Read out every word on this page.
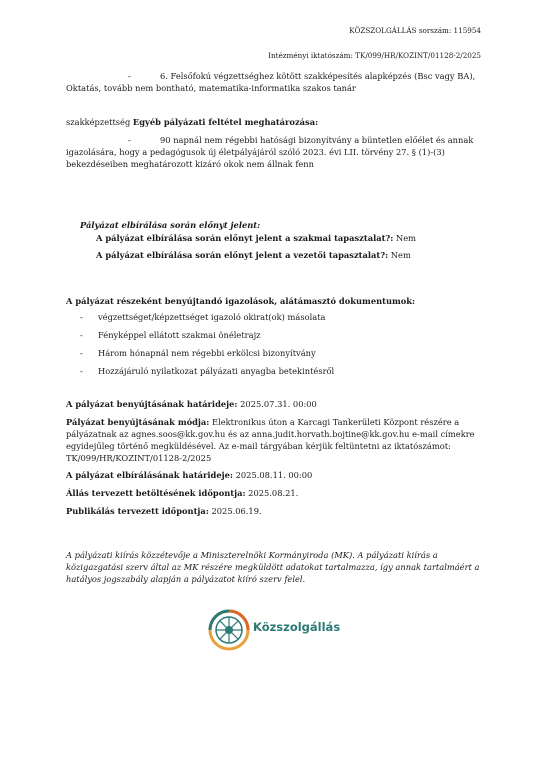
KÖZSZOLGÁLLÁS sorszám: 115954
Intézményi iktatószám: TK/099/HR/KOZINT/01128-2/2025
-	6. Felsőfokú végzettséghez kötött szakképesítés alapképzés (Bsc vagy BA),
Oktatás, tovább nem bontható, matematika-informatika szakos tanár
szakképzettség Egyéb pályázati feltétel meghatározása:
-	90 napnál nem régebbi hatósági bizonyítvány a büntetlen előélet és annak
igazolására, hogy a pedagógusok új életpályájáról szóló 2023. évi LII. törvény 27. § (1)-(3)
bekezdéseiben meghatározott kizáró okok nem állnak fenn
Pályázat elbírálása során előnyt jelent:
A pályázat elbírálása során előnyt jelent a szakmai tapasztalat?: Nem
A pályázat elbírálása során előnyt jelent a vezetői tapasztalat?: Nem
A pályázat részeként benyújtandó igazolások, alátámasztó dokumentumok:
- végzettséget/képzettséget igazoló okirat(ok) másolata
- Fényképpel ellátott szakmai önéletrajz
- Három hónapnál nem régebbi erkölcsi bizonyítvány
- Hozzájáruló nyilatkozat pályázati anyagba betekintésről
A pályázat benyújtásának határideje: 2025.07.31. 00:00
Pályázat benyújtásának módja: Elektronikus úton a Karcagi Tankerületi Központ részére a
pályázatnak az agnes.soos@kk.gov.hu és az anna.judit.horvath.bojtine@kk.gov.hu e-mail címekre
egyidejűleg történő megküldésével. Az e-mail tárgyában kérjük feltüntetni az iktatószámot:
TK/099/HR/KOZINT/01128-2/2025
A pályázat elbírálásának határideje: 2025.08.11. 00:00
Állás tervezett betöltésének időpontja: 2025.08.21.
Publikálás tervezett időpontja: 2025.06.19.
A pályázati kiírás közzétevője a Miniszterelnöki Kormányiroda (MK). A pályázati kiírás a
közigazgatási szerv által az MK részére megküldött adatokat tartalmazza, így annak tartalmáért a
hatályos jogszabály alapján a pályázatot kiíró szerv felel.
Közszolgállás
